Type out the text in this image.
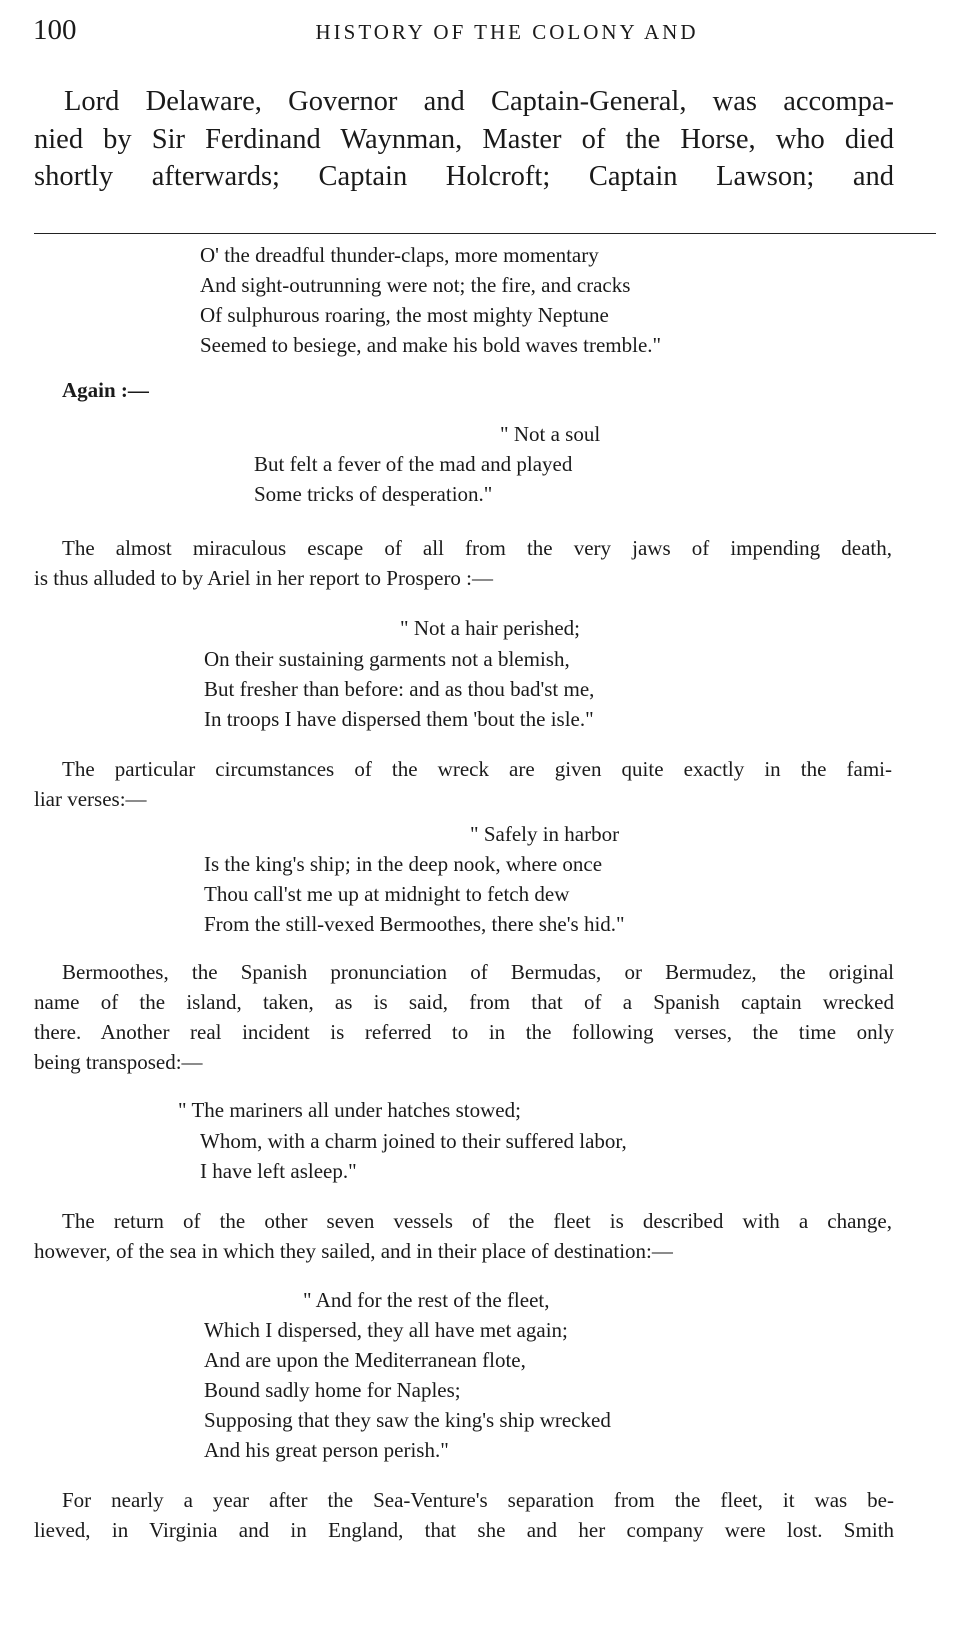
100	HISTORY OF THE COLONY AND
Lord Delaware, Governor and Captain-General, was accompa-
nied by Sir Ferdinand Waynman, Master of the Horse, who died
shortly afterwards; Captain Holcroft; Captain Lawson; and
O' the dreadful thunder-claps, more momentary
And sight-outrunning were not; the fire, and cracks
Of sulphurous roaring, the most mighty Neptune
Seemed to besiege, and make his bold waves tremble."
Again :—
" Not a soul
But felt a fever of the mad and played
Some tricks of desperation."
The almost miraculous escape of all from the very jaws of impending death,
is thus alluded to by Ariel in her report to Prospero :—
" Not a hair perished;
On their sustaining garments not a blemish,
But fresher than before: and as thou bad'st me,
In troops I have dispersed them 'bout the isle."
The particular circumstances of the wreck are given quite exactly in the fami-
liar verses:—
" Safely in harbor
Is the king's ship; in the deep nook, where once
Thou call'st me up at midnight to fetch dew
From the still-vexed Bermoothes, there she's hid."
Bermoothes, the Spanish pronunciation of Bermudas, or Bermudez, the original
name of the island, taken, as is said, from that of a Spanish captain wrecked
there. Another real incident is referred to in the following verses, the time only
being transposed:—
" The mariners all under hatches stowed;
Whom, with a charm joined to their suffered labor,
I have left asleep."
The return of the other seven vessels of the fleet is described with a change,
however, of the sea in which they sailed, and in their place of destination:—
" And for the rest of the fleet,
Which I dispersed, they all have met again;
And are upon the Mediterranean flote,
Bound sadly home for Naples;
Supposing that they saw the king's ship wrecked
And his great person perish."
For nearly a year after the Sea-Venture's separation from the fleet, it was be-
lieved, in Virginia and in England, that she and her company were lost. Smith
